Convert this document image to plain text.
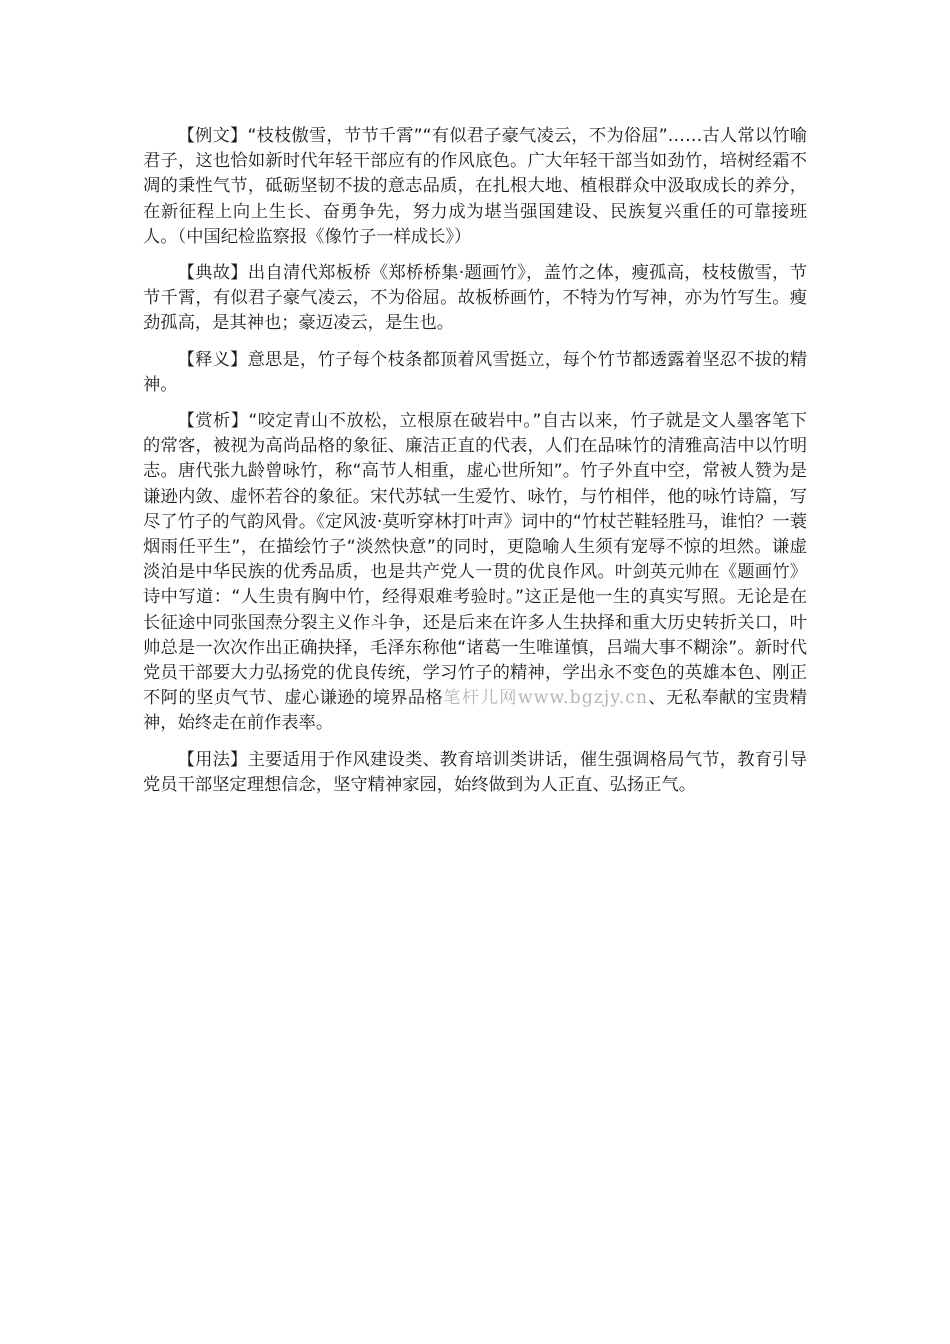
【例文】“枝枝傲雪，节节千霄”“有似君子豪气凌云，不为俗屈”……古人常以竹喻君子，这也恰如新时代年轻干部应有的作风底色。广大年轻干部当如劲竹，培树经霜不凋的秉性气节，砥砺坚韧不拔的意志品质，在扎根大地、植根群众中汲取成长的养分，在新征程上向上生长、奋勇争先，努力成为堪当强国建设、民族复兴重任的可靠接班人。（中国纪检监察报《像竹子一样成长》）

【典故】出自清代郑板桥《郑桥桥集·题画竹》，盖竹之体，瘦孤高，枝枝傲雪，节节千霄，有似君子豪气凌云，不为俗屈。故板桥画竹，不特为竹写神，亦为竹写生。瘦劲孤高，是其神也；豪迈凌云，是生也。

【释义】意思是，竹子每个枝条都顶着风雪挺立，每个竹节都透露着坚忍不拔的精神。

【赏析】“咬定青山不放松，立根原在破岩中。”自古以来，竹子就是文人墨客笔下的常客，被视为高尚品格的象征、廉洁正直的代表，人们在品味竹的清雅高洁中以竹明志。唐代张九龄曾咏竹，称“高节人相重，虚心世所知”。竹子外直中空，常被人赞为是谦逊内敛、虚怀若谷的象征。宋代苏轼一生爱竹、咏竹，与竹相伴，他的咏竹诗篇，写尽了竹子的气韵风骨。《定风波·莫听穿林打叶声》词中的“竹杖芒鞋轻胜马，谁怕？一蓑烟雨任平生”，在描绘竹子“淡然快意”的同时，更隐喻人生须有宠辱不惊的坦然。谦虚淡泊是中华民族的优秀品质，也是共产党人一贯的优良作风。叶剑英元帅在《题画竹》诗中写道：“人生贵有胸中竹，经得艰难考验时。”这正是他一生的真实写照。无论是在长征途中同张国焘分裂主义作斗争，还是后来在许多人生抉择和重大历史转折关口，叶帅总是一次次作出正确抉择，毛泽东称他“诸葛一生唯谨慎，吕端大事不糊涂”。新时代党员干部要大力弘扬党的优良传统，学习竹子的精神，学出永不变色的英雄本色、刚正不阿的坚贞气节、虚心谦逊的境界品格笔杆儿网www.bgzjy.cn、无私奉献的宝贵精神，始终走在前作表率。

【用法】主要适用于作风建设类、教育培训类讲话，催生强调格局气节，教育引导党员干部坚定理想信念，坚守精神家园，始终做到为人正直、弘扬正气。
